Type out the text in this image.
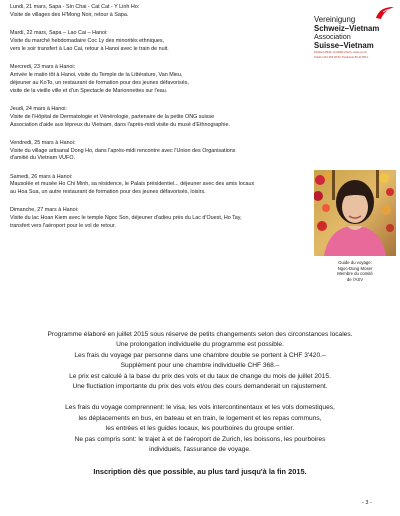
Lundi, 21 mars, Sapa - Sin Chai - Cat Cat - Y Linh Ho:
Visite de villages des H'Mong Noir, retour à Sapa.
Mardi, 22 mars, Sapa – Lao Cai – Hanoi:
Visite du marché hebdomadaire Coc Ly des minorités ethniques,
vers le soir transfert à Lao Cai, retour à Hanoi avec le train de nuit.
Mercredi, 23 mars à Hanoi:
Arrivée le matin tôt à Hanoi, visite du Temple de la Littérature, Van Mieu,
déjeuner au KoTo, un restaurant de formation pour des jeunes défavorisés,
visite de la vieille ville et d'un Spectacle de Marionnettes sur l'eau.
Jeudi, 24 mars à Hanoi:
Visite de l'Hôpital de Dermatologie et Vénérologie, partenaire de la petite ONG suisse
Association d'aide aux lépreux du Vietnam, dans l'après-midi visite du musé d'Ethnographie.
Vendredi, 25 mars à Hanoi:
Visite du village artisanal Dong Ho, dans l'après-midi rencontre avec l'Union des Organisations
d'amitié du Vietnam VUFO.
Samedi, 26 mars à Hanoi:
Mausolée et musée Ho Chi Minh, sa résidence, le Palais présidentiel... déjeuner avec des amis locaux
au Hoa Sua, un autre restaurant de formation pour des jeunes défavorisés, loisirs.
Dimanche, 27 mars à Hanoi:
Visite du lac Hoan Kiem avec le temple Ngoc Son, déjeuner d'adieu près du Lac d'Ouest, Ho Tay,
transfert vers l'aéroport pour le vol de retour.
Vereinigung
Schweiz–Vietnam
Association
Suisse–Vietnam
Postfach 8343, CH-8006 Zürich, www.svv.ch
Telefon 044 453 28 82, Postkonto 80-41782-1
Guide du voyage:
Ngoc-Dung Moser
Membre du comité
de l'ASV

Programme élaboré en juillet 2015 sous réserve de petits changements selon des circonstances locales.

Une prolongation individuelle du programme est possible.

Les frais du voyage par personne dans une chambre double se portent à CHF 3'420.–

Supplément pour une chambre individuelle CHF 368.–

Le prix est calculé à la base du prix des vols et du taux de change du mois de juillet 2015.

Une fluctiation importante du prix des vols et/ou des cours demanderait un rajustement.

Les frais du voyage comprennent: le visa, les vols intercontinentaux et les vols domestiques,

les déplacements en bus, en bateau et en train, le logement et les repas communs,

les entrées et les guides locaux, les pourboires du groupe entier.

Ne pas compris sont: le trajet à et de l'aéroport de Zurich, les boissons, les pourboires

individuels, l'assurance de voyage.

Inscription dès que possible, au plus tard jusqu'à la fin 2015.

- 3 -
